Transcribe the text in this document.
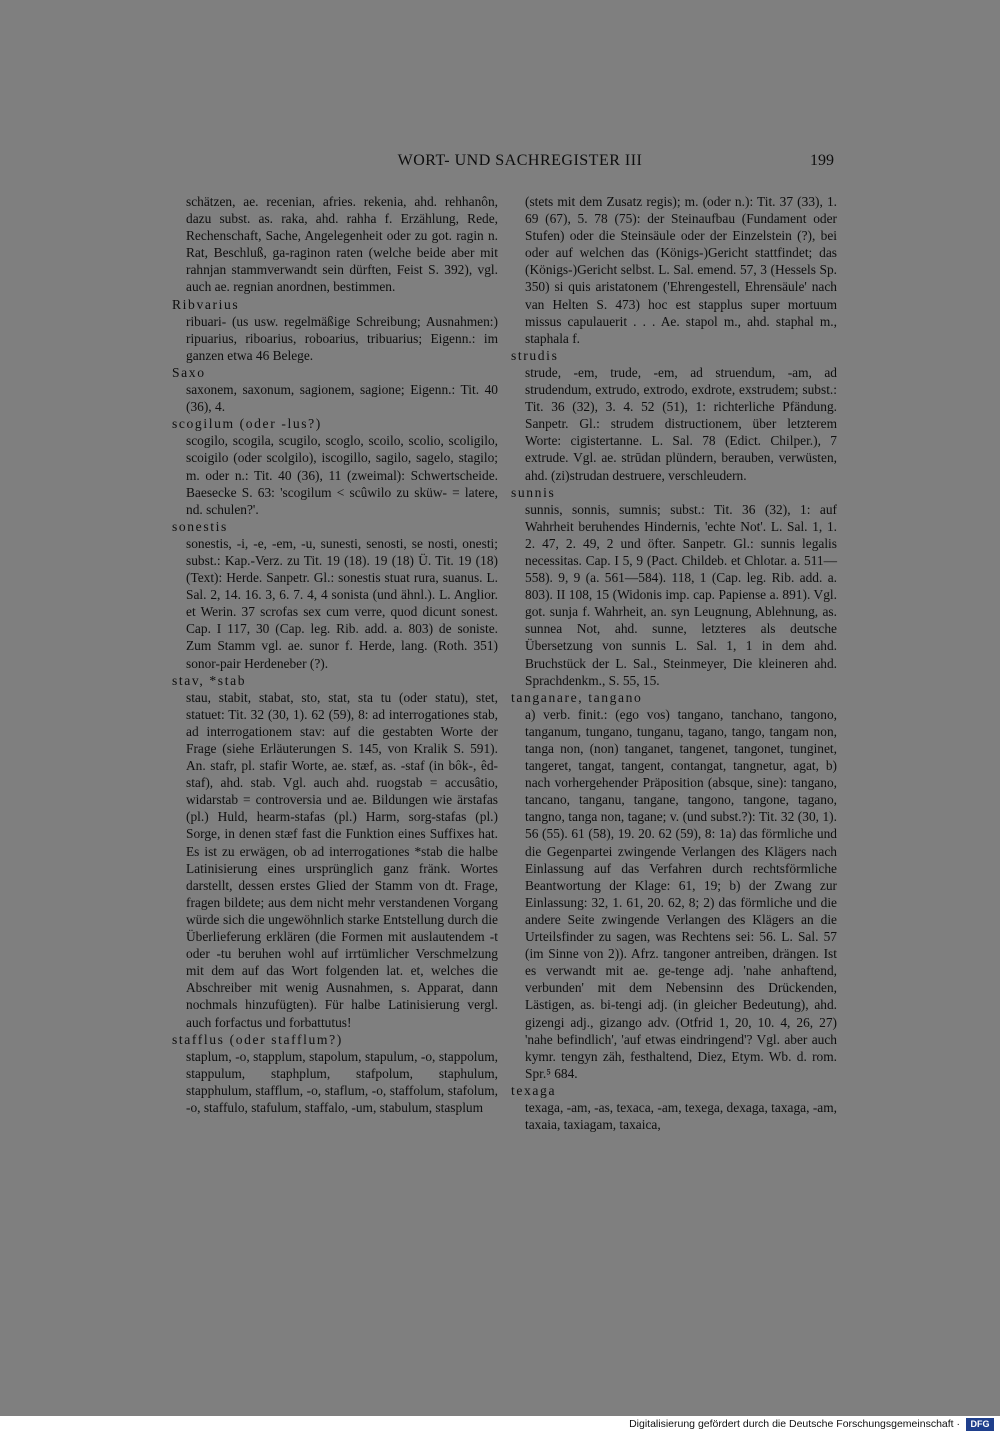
WORT- UND SACHREGISTER III	199
schätzen, ae. recenian, afries. rekenia, ahd. rehhanôn, dazu subst. as. raka, ahd. rahha f. Erzählung, Rede, Rechenschaft, Sache, Angelegenheit oder zu got. ragin n. Rat, Beschluß, ga-raginon raten (welche beide aber mit rahnjan stammverwandt sein dürften, Feist S. 392), vgl. auch ae. regnian anordnen, bestimmen.
Ribvarius
ribuari- (us usw. regelmäßige Schreibung; Ausnahmen:) ripuarius, riboarius, roboarius, tribuarius; Eigenn.: im ganzen etwa 46 Belege.
Saxo
saxonem, saxonum, sagionem, sagione; Eigenn.: Tit. 40 (36), 4.
scogilum (oder -lus?)
scogilo, scogila, scugilo, scoglo, scoilo, scolio, scoligilo, scoigilo (oder scolgilo), iscogillo, sagilo, sagelo, stagilo; m. oder n.: Tit. 40 (36), 11 (zweimal): Schwertscheide. Baesecke S. 63: 'scogilum < scûwilo zu sküw- = latere, nd. schulen?'.
sonestis
sonestis, -i, -e, -em, -u, sunesti, senosti, se nosti, onesti; subst.: Kap.-Verz. zu Tit. 19 (18). 19 (18) Ü. Tit. 19 (18) (Text): Herde. Sanpetr. Gl.: sonestis stuat rura, suanus. L. Sal. 2, 14. 16. 3, 6. 7. 4, 4 sonista (und ähnl.). L. Anglior. et Werin. 37 scrofas sex cum verre, quod dicunt sonest. Cap. I 117, 30 (Cap. leg. Rib. add. a. 803) de soniste. Zum Stamm vgl. ae. sunor f. Herde, lang. (Roth. 351) sonor-pair Herdeneber (?).
stav, *stab
stau, stabit, stabat, sto, stat, sta tu (oder statu), stet, statuet: Tit. 32 (30, 1). 62 (59), 8: ad interrogationes stab, ad interrogationem stav: auf die gestabten Worte der Frage (siehe Erläuterungen S. 145, von Kralik S. 591). An. stafr, pl. stafir Worte, ae. stæf, as. -staf (in bôk-, êd-staf), ahd. stab. Vgl. auch ahd. ruogstab = accusâtio, widarstab = controversia und ae. Bildungen wie ärstafas (pl.) Huld, hearm-stafas (pl.) Harm, sorg-stafas (pl.) Sorge, in denen stæf fast die Funktion eines Suffixes hat. Es ist zu erwägen, ob ad interrogationes *stab die halbe Latinisierung eines ursprünglich ganz fränk. Wortes darstellt, dessen erstes Glied der Stamm von dt. Frage, fragen bildete; aus dem nicht mehr verstandenen Vorgang würde sich die ungewöhnlich starke Entstellung durch die Überlieferung erklären (die Formen mit auslautendem -t oder -tu beruhen wohl auf irrtümlicher Verschmelzung mit dem auf das Wort folgenden lat. et, welches die Abschreiber mit wenig Ausnahmen, s. Apparat, dann nochmals hinzufügten). Für halbe Latinisierung vergl. auch forfactus und forbattutus!
stafflus (oder stafflum?)
staplum, -o, stapplum, stapolum, stapulum, -o, stappolum, stappulum, staphplum, stafpolum, staphulum, stapphulum, stafflum, -o, staflum, -o, staffolum, stafolum, -o, staffulo, stafulum, staffalo, -um, stabulum, stasplum
(stets mit dem Zusatz regis); m. (oder n.): Tit. 37 (33), 1. 69 (67), 5. 78 (75): der Steinaufbau (Fundament oder Stufen) oder die Steinsäule oder der Einzelstein (?), bei oder auf welchen das (Königs-)Gericht stattfindet; das (Königs-)Gericht selbst. L. Sal. emend. 57, 3 (Hessels Sp. 350) si quis aristatonem ('Ehrengestell, Ehrensäule' nach van Helten S. 473) hoc est stapplus super mortuum missus capulauerit . . . Ae. stapol m., ahd. staphal m., staphala f.
strudis
strude, -em, trude, -em, ad struendum, -am, ad strudendum, extrudo, extrodo, exdrote, exstrudem; subst.: Tit. 36 (32), 3. 4. 52 (51), 1: richterliche Pfändung. Sanpetr. Gl.: strudem distructionem, über letzterem Worte: cigistertanne. L. Sal. 78 (Edict. Chilper.), 7 extrude. Vgl. ae. strūdan plündern, berauben, verwüsten, ahd. (zi)strudan destruere, verschleudern.
sunnis
sunnis, sonnis, sumnis; subst.: Tit. 36 (32), 1: auf Wahrheit beruhendes Hindernis, 'echte Not'. L. Sal. 1, 1. 2. 47, 2. 49, 2 und öfter. Sanpetr. Gl.: sunnis legalis necessitas. Cap. I 5, 9 (Pact. Childeb. et Chlotar. a. 511—558). 9, 9 (a. 561—584). 118, 1 (Cap. leg. Rib. add. a. 803). II 108, 15 (Widonis imp. cap. Papiense a. 891). Vgl. got. sunja f. Wahrheit, an. syn Leugnung, Ablehnung, as. sunnea Not, ahd. sunne, letzteres als deutsche Übersetzung von sunnis L. Sal. 1, 1 in dem ahd. Bruchstück der L. Sal., Steinmeyer, Die kleineren ahd. Sprachdenkm., S. 55, 15.
tanganare, tangano
a) verb. finit.: (ego vos) tangano, tanchano, tangono, tanganum, tungano, tunganu, tagano, tango, tangam non, tanga non, (non) tanganet, tangenet, tangonet, tunginet, tangeret, tangat, tangent, contangat, tangnetur, agat, b) nach vorhergehender Präposition (absque, sine): tangano, tancano, tanganu, tangane, tangono, tangone, tagano, tangno, tanga non, tagane; v. (und subst.?): Tit. 32 (30, 1). 56 (55). 61 (58), 19. 20. 62 (59), 8: 1a) das förmliche und die Gegenpartei zwingende Verlangen des Klägers nach Einlassung auf das Verfahren durch rechtsförmliche Beantwortung der Klage: 61, 19; b) der Zwang zur Einlassung: 32, 1. 61, 20. 62, 8; 2) das förmliche und die andere Seite zwingende Verlangen des Klägers an die Urteilsfinder zu sagen, was Rechtens sei: 56. L. Sal. 57 (im Sinne von 2)). Afrz. tangoner antreiben, drängen. Ist es verwandt mit ae. ge-tenge adj. 'nahe anhaftend, verbunden' mit dem Nebensinn des Drückenden, Lästigen, as. bi-tengi adj. (in gleicher Bedeutung), ahd. gizengi adj., gizango adv. (Otfrid 1, 20, 10. 4, 26, 27) 'nahe befindlich', 'auf etwas eindringend'? Vgl. aber auch kymr. tengyn zäh, festhaltend, Diez, Etym. Wb. d. rom. Spr.⁵ 684.
texaga
texaga, -am, -as, texaca, -am, texega, dexaga, taxaga, -am, taxaia, taxiagam, taxaica,
Digitalisierung gefördert durch die Deutsche Forschungsgemeinschaft ·	DFG
